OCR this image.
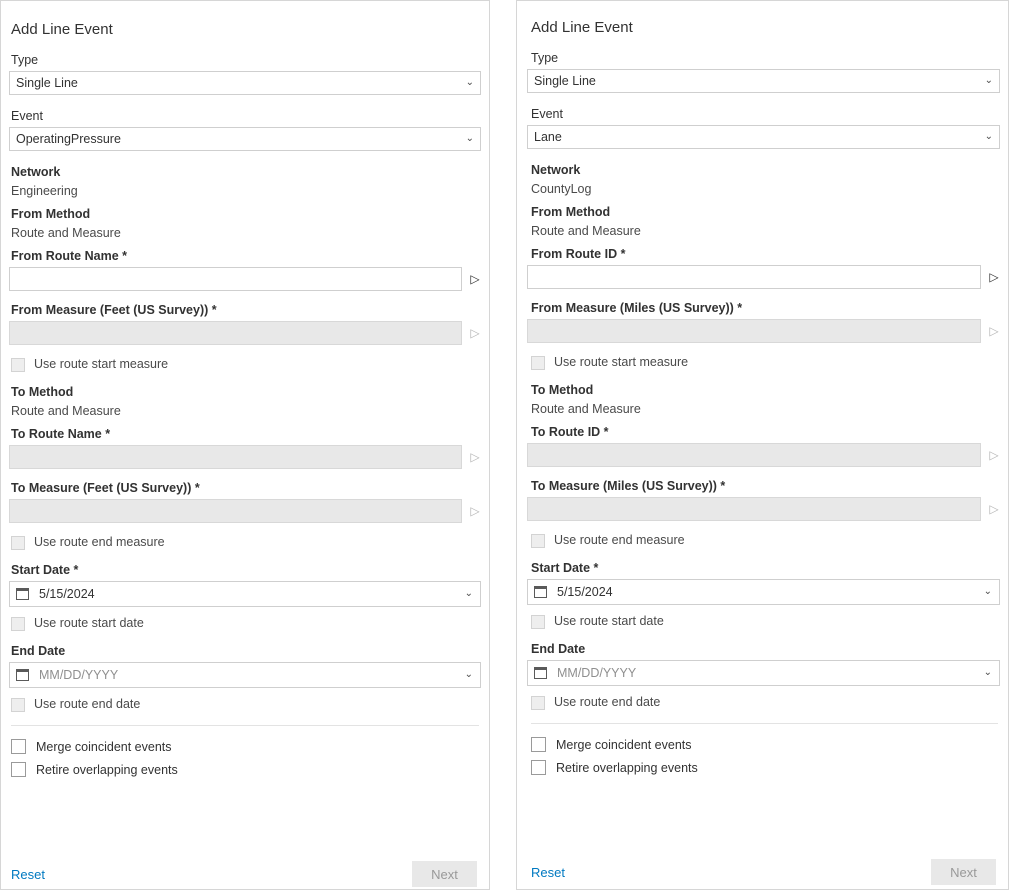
Add Line Event
Type
Single Line
⌄
Event
OperatingPressure
⌄
Network
Engineering
From Method
Route and Measure
From Route Name *
▷
From Measure (Feet (US Survey)) *
▷
Use route start measure
To Method
Route and Measure
To Route Name *
▷
To Measure (Feet (US Survey)) *
▷
Use route end measure
Start Date *
5/15/2024	⌄
Use route start date
End Date
MM/DD/YYYY	⌄
Use route end date
Merge coincident events
Retire overlapping events
Reset	Next
Add Line Event
Type
Single Line
⌄
Event
Lane
⌄
Network
CountyLog
From Method
Route and Measure
From Route ID *
▷
From Measure (Miles (US Survey)) *
▷
Use route start measure
To Method
Route and Measure
To Route ID *
▷
To Measure (Miles (US Survey)) *
▷
Use route end measure
Start Date *
5/15/2024	⌄
Use route start date
End Date
MM/DD/YYYY	⌄
Use route end date
Merge coincident events
Retire overlapping events
Reset	Next
